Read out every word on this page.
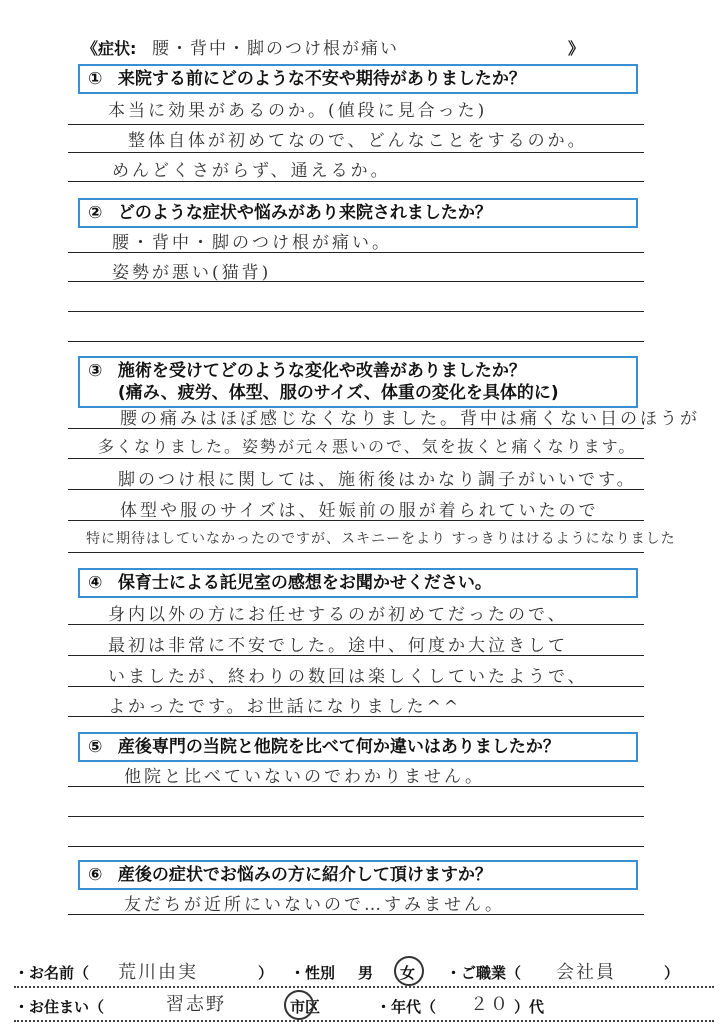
《症状: 腰・背中・脚のつけ根が痛い	》
① 来院する前にどのような不安や期待がありましたか？
本当に効果があるのか。(値段に見合った)
整体自体が初めてなので、どんなことをするのか。
めんどくさがらず、通えるか。
② どのような症状や悩みがあり来院されましたか？
腰・背中・脚のつけ根が痛い。
姿勢が悪い(猫背)
③ 施術を受けてどのような変化や改善がありましたか？
(痛み、疲労、体型、服のサイズ、体重の変化を具体的に)
腰の痛みはほぼ感じなくなりました。背中は痛くない日のほうが
多くなりました。姿勢が元々悪いので、気を抜くと痛くなります。
脚のつけ根に関しては、施術後はかなり調子がいいです。
体型や服のサイズは、妊娠前の服が着られていたので
特に期待はしていなかったのですが、スキニーをより すっきりはけるようになりました
④ 保育士による託児室の感想をお聞かせください。
身内以外の方にお任せするのが初めてだったので、
最初は非常に不安でした。途中、何度か大泣きして
いましたが、終わりの数回は楽しくしていたようで、
よかったです。お世話になりました^^
⑤ 産後専門の当院と他院を比べて何か違いはありましたか？
他院と比べていないのでわかりません。
⑥ 産後の症状でお悩みの方に紹介して頂けますか？
友だちが近所にいないので…すみません。
・お名前（ 荒川由実	） ・性別 男 女 ・ご職業（ 会社員	）
・お住まい（	習志野	市区	・年代（ ２０ ）代
